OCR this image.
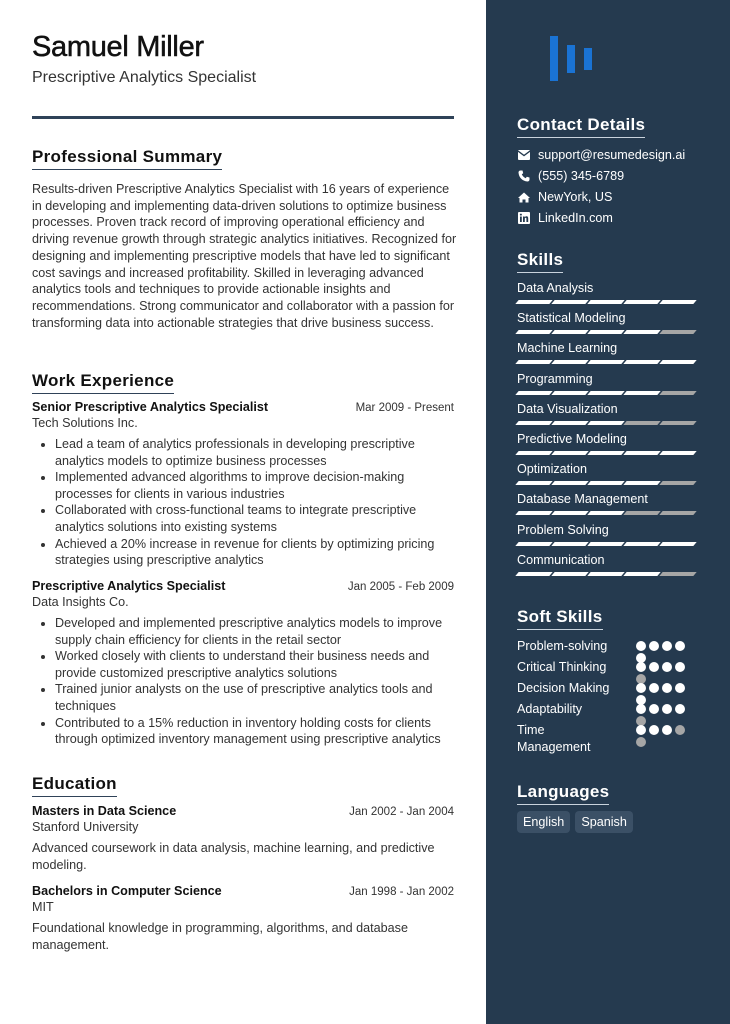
Samuel Miller
Prescriptive Analytics Specialist
Professional Summary
Results-driven Prescriptive Analytics Specialist with 16 years of experience in developing and implementing data-driven solutions to optimize business processes. Proven track record of improving operational efficiency and driving revenue growth through strategic analytics initiatives. Recognized for designing and implementing prescriptive models that have led to significant cost savings and increased profitability. Skilled in leveraging advanced analytics tools and techniques to provide actionable insights and recommendations. Strong communicator and collaborator with a passion for transforming data into actionable strategies that drive business success.
Work Experience
Senior Prescriptive Analytics Specialist	Mar 2009 - Present
Tech Solutions Inc.
Lead a team of analytics professionals in developing prescriptive analytics models to optimize business processes
Implemented advanced algorithms to improve decision-making processes for clients in various industries
Collaborated with cross-functional teams to integrate prescriptive analytics solutions into existing systems
Achieved a 20% increase in revenue for clients by optimizing pricing strategies using prescriptive analytics
Prescriptive Analytics Specialist	Jan 2005 - Feb 2009
Data Insights Co.
Developed and implemented prescriptive analytics models to improve supply chain efficiency for clients in the retail sector
Worked closely with clients to understand their business needs and provide customized prescriptive analytics solutions
Trained junior analysts on the use of prescriptive analytics tools and techniques
Contributed to a 15% reduction in inventory holding costs for clients through optimized inventory management using prescriptive analytics
Education
Masters in Data Science	Jan 2002 - Jan 2004
Stanford University
Advanced coursework in data analysis, machine learning, and predictive modeling.
Bachelors in Computer Science	Jan 1998 - Jan 2002
MIT
Foundational knowledge in programming, algorithms, and database management.
Contact Details
support@resumedesign.ai
(555) 345-6789
NewYork, US
LinkedIn.com
Skills
Data Analysis
Statistical Modeling
Machine Learning
Programming
Data Visualization
Predictive Modeling
Optimization
Database Management
Problem Solving
Communication
Soft Skills
Problem-solving
Critical Thinking
Decision Making
Adaptability
Time Management
Languages
English	Spanish
